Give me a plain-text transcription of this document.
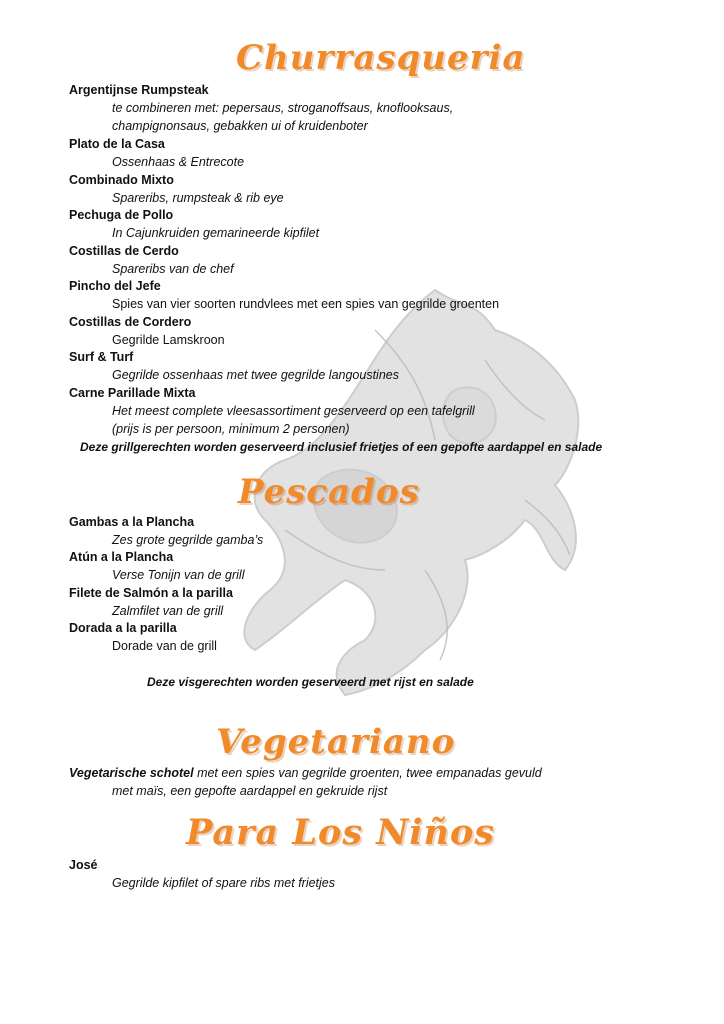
Churrasqueria
Argentijnse Rumpsteak
te combineren met: pepersaus, stroganoffsaus, knoflooksaus,
champignonsaus, gebakken ui of kruidenboter
Plato de la Casa
Ossenhaas & Entrecote
Combinado Mixto
Spareribs, rumpsteak & rib eye
Pechuga de Pollo
In Cajunkruiden gemarineerde kipfilet
Costillas de Cerdo
Spareribs van de chef
Pincho del Jefe
Spies van vier soorten rundvlees met een spies van gegrilde groenten
Costillas de Cordero
Gegrilde Lamskroon
Surf & Turf
Gegrilde ossenhaas met twee gegrilde langoustines
Carne Parillade Mixta
Het meest complete vleesassortiment geserveerd op een tafelgrill
(prijs is per persoon, minimum 2 personen)
Deze grillgerechten worden geserveerd inclusief frietjes of een gepofte aardappel en salade
Pescados
Gambas a la Plancha
Zes grote gegrilde gamba’s
Atún a la Plancha
Verse Tonijn van de grill
Filete de Salmón a la parilla
Zalmfilet van de grill
Dorada a la parilla
Dorade van de grill
Deze visgerechten worden geserveerd met rijst en salade
Vegetariano
Vegetarische schotel met een spies van gegrilde groenten, twee empanadas gevuld
met maïs, een gepofte aardappel en gekruide rijst
Para Los Niños
José
Gegrilde kipfilet of spare ribs met frietjes
